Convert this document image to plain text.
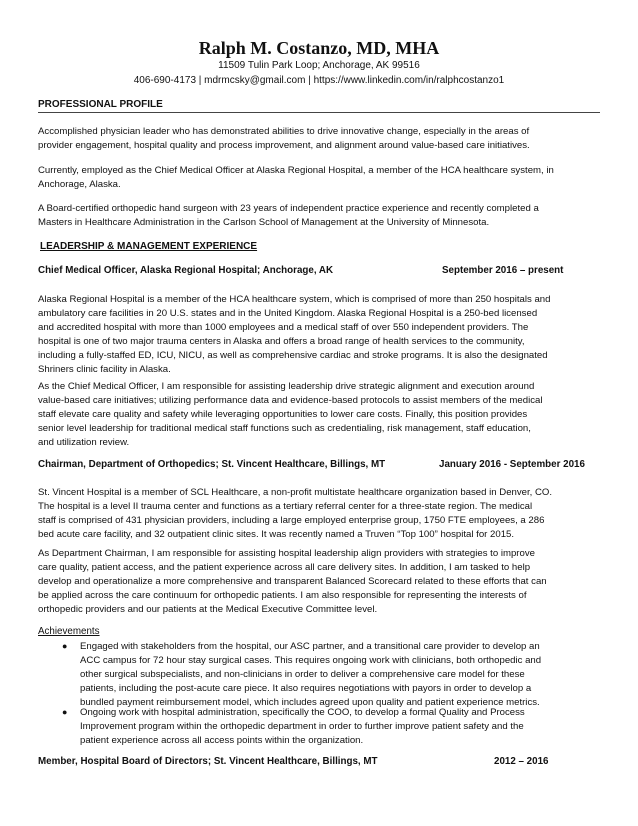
Ralph M. Costanzo, MD, MHA
11509 Tulin Park Loop; Anchorage, AK 99516
406-690-4173 | mdrmcsky@gmail.com | https://www.linkedin.com/in/ralphcostanzo1
PROFESSIONAL PROFILE
Accomplished physician leader who has demonstrated abilities to drive innovative change, especially in the areas of
provider engagement, hospital quality and process improvement, and alignment around value-based care initiatives.
Currently, employed as the Chief Medical Officer at Alaska Regional Hospital, a member of the HCA healthcare system, in
Anchorage, Alaska.
A Board-certified orthopedic hand surgeon with 23 years of independent practice experience and recently completed a
Masters in Healthcare Administration in the Carlson School of Management at the University of Minnesota.
LEADERSHIP & MANAGEMENT EXPERIENCE
Chief Medical Officer, Alaska Regional Hospital; Anchorage, AK	September 2016 – present
Alaska Regional Hospital is a member of the HCA healthcare system, which is comprised of more than 250 hospitals and
ambulatory care facilities in 20 U.S. states and in the United Kingdom. Alaska Regional Hospital is a 250-bed licensed
and accredited hospital with more than 1000 employees and a medical staff of over 550 independent providers. The
hospital is one of two major trauma centers in Alaska and offers a broad range of health services to the community,
including a fully-staffed ED, ICU, NICU, as well as comprehensive cardiac and stroke programs. It is also the designated
Shriners clinic facility in Alaska.
As the Chief Medical Officer, I am responsible for assisting leadership drive strategic alignment and execution around
value-based care initiatives; utilizing performance data and evidence-based protocols to assist members of the medical
staff elevate care quality and safety while leveraging opportunities to lower care costs. Finally, this position provides
senior level leadership for traditional medical staff functions such as credentialing, risk management, staff education,
and utilization review.
Chairman, Department of Orthopedics; St. Vincent Healthcare, Billings, MT	January 2016 - September 2016
St. Vincent Hospital is a member of SCL Healthcare, a non-profit multistate healthcare organization based in Denver, CO.
The hospital is a level II trauma center and functions as a tertiary referral center for a three-state region. The medical
staff is comprised of 431 physician providers, including a large employed enterprise group, 1750 FTE employees, a 286
bed acute care facility, and 32 outpatient clinic sites. It was recently named a Truven “Top 100” hospital for 2015.
As Department Chairman, I am responsible for assisting hospital leadership align providers with strategies to improve
care quality, patient access, and the patient experience across all care delivery sites. In addition, I am tasked to help
develop and operationalize a more comprehensive and transparent Balanced Scorecard related to these efforts that can
be applied across the care continuum for orthopedic patients. I am also responsible for representing the interests of
orthopedic providers and our patients at the Medical Executive Committee level.
Achievements
● Engaged with stakeholders from the hospital, our ASC partner, and a transitional care provider to develop an
ACC campus for 72 hour stay surgical cases. This requires ongoing work with clinicians, both orthopedic and
other surgical subspecialists, and non-clinicians in order to deliver a comprehensive care model for these
patients, including the post-acute care piece. It also requires negotiations with payors in order to develop a
bundled payment reimbursement model, which includes agreed upon quality and patient experience metrics.
● Ongoing work with hospital administration, specifically the COO, to develop a formal Quality and Process
Improvement program within the orthopedic department in order to further improve patient safety and the
patient experience across all access points within the organization.
Member, Hospital Board of Directors; St. Vincent Healthcare, Billings, MT	2012 – 2016
